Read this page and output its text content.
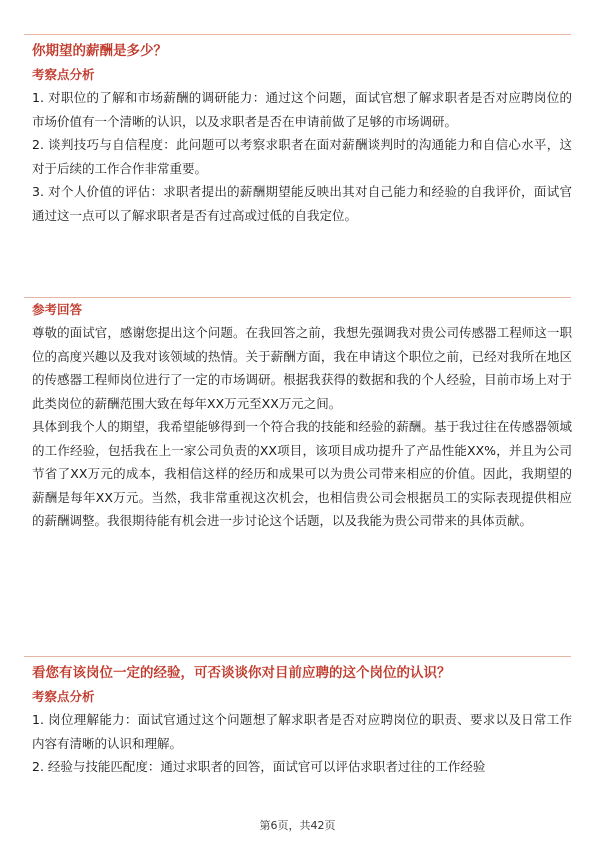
你期望的薪酬是多少？
考察点分析

1. 对职位的了解和市场薪酬的调研能力：通过这个问题，面试官想了解求职者是否对应聘岗位的市场价值有一个清晰的认识，以及求职者是否在申请前做了足够的市场调研。

2. 谈判技巧与自信程度：此问题可以考察求职者在面对薪酬谈判时的沟通能力和自信心水平，这对于后续的工作合作非常重要。

3. 对个人价值的评估：求职者提出的薪酬期望能反映出其对自己能力和经验的自我评价，面试官通过这一点可以了解求职者是否有过高或过低的自我定位。

参考回答

尊敬的面试官，感谢您提出这个问题。在我回答之前，我想先强调我对贵公司传感器工程师这一职位的高度兴趣以及我对该领域的热情。关于薪酬方面，我在申请这个职位之前，已经对我所在地区的传感器工程师岗位进行了一定的市场调研。根据我获得的数据和我的个人经验，目前市场上对于此类岗位的薪酬范围大致在每年XX万元至XX万元之间。

具体到我个人的期望，我希望能够得到一个符合我的技能和经验的薪酬。基于我过往在传感器领域的工作经验，包括我在上一家公司负责的XX项目，该项目成功提升了产品性能XX%，并且为公司节省了XX万元的成本，我相信这样的经历和成果可以为贵公司带来相应的价值。因此，我期望的薪酬是每年XX万元。当然，我非常重视这次机会，也相信贵公司会根据员工的实际表现提供相应的薪酬调整。我很期待能有机会进一步讨论这个话题，以及我能为贵公司带来的具体贡献。

看您有该岗位一定的经验，可否谈谈你对目前应聘的这个岗位的认识？
考察点分析

1. 岗位理解能力：面试官通过这个问题想了解求职者是否对应聘岗位的职责、要求以及日常工作内容有清晰的认识和理解。

2. 经验与技能匹配度：通过求职者的回答，面试官可以评估求职者过往的工作经验

第6页，共42页
